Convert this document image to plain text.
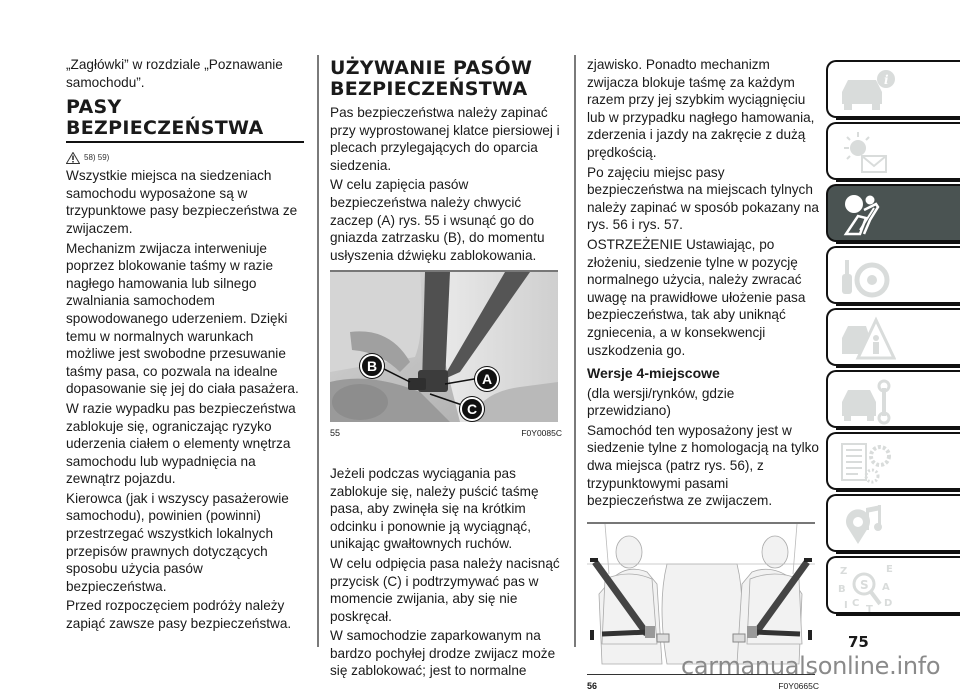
„Zagłówki” w rozdziale „Poznawanie samochodu”.

PASY
BEZPIECZEŃSTWA
58) 59)

Wszystkie miejsca na siedzeniach samochodu wyposażone są w trzypunktowe pasy bezpieczeństwa ze zwijaczem.

Mechanizm zwijacza interweniuje poprzez blokowanie taśmy w razie nagłego hamowania lub silnego zwalniania samochodem spowodowanego uderzeniem. Dzięki temu w normalnych warunkach możliwe jest swobodne przesuwanie taśmy pasa, co pozwala na idealne dopasowanie się jej do ciała pasażera.

W razie wypadku pas bezpieczeństwa zablokuje się, ograniczając ryzyko uderzenia ciałem o elementy wnętrza samochodu lub wypadnięcia na zewnątrz pojazdu.

Kierowca (jak i wszyscy pasażerowie samochodu), powinien (powinni) przestrzegać wszystkich lokalnych przepisów prawnych dotyczących sposobu użycia pasów bezpieczeństwa.

Przed rozpoczęciem podróży należy zapiąć zawsze pasy bezpieczeństwa.

UŻYWANIE PASÓW
BEZPIECZEŃSTWA

Pas bezpieczeństwa należy zapinać przy wyprostowanej klatce piersiowej i plecach przylegających do oparcia siedzenia.

W celu zapięcia pasów bezpieczeństwa należy chwycić zaczep (A) rys. 55 i wsunąć go do gniazda zatrzasku (B), do momentu usłyszenia dźwięku zablokowania.

B
A
C
55	F0Y0085C

Jeżeli podczas wyciągania pas zablokuje się, należy puścić taśmę pasa, aby zwinęła się na krótkim odcinku i ponownie ją wyciągnąć, unikając gwałtownych ruchów.

W celu odpięcia pasa należy nacisnąć przycisk (C) i podtrzymywać pas w momencie zwijania, aby się nie poskręcał.

W samochodzie zaparkowanym na bardzo pochyłej drodze zwijacz może się zablokować; jest to normalne

zjawisko. Ponadto mechanizm zwijacza blokuje taśmę za każdym razem przy jej szybkim wyciągnięciu lub w przypadku nagłego hamowania, zderzenia i jazdy na zakręcie z dużą prędkością.

Po zajęciu miejsc pasy bezpieczeństwa na miejscach tylnych należy zapinać w sposób pokazany na rys. 56 i rys. 57.

OSTRZEŻENIE Ustawiając, po złożeniu, siedzenie tylne w pozycję normalnego użycia, należy zwracać uwagę na prawidłowe ułożenie pasa bezpieczeństwa, tak aby uniknąć zgniecenia, a w konsekwencji uszkodzenia go.

Wersje 4-miejscowe

(dla wersji/rynków, gdzie przewidziano)

Samochód ten wyposażony jest w siedzenie tylne z homologacją na tylko dwa miejsca (patrz rys. 56), z trzypunktowymi pasami bezpieczeństwa ze zwijaczem.

56	F0Y0665C
i
Z	E
B	A
D
I C
T
S
75
carmanualsonline.info
